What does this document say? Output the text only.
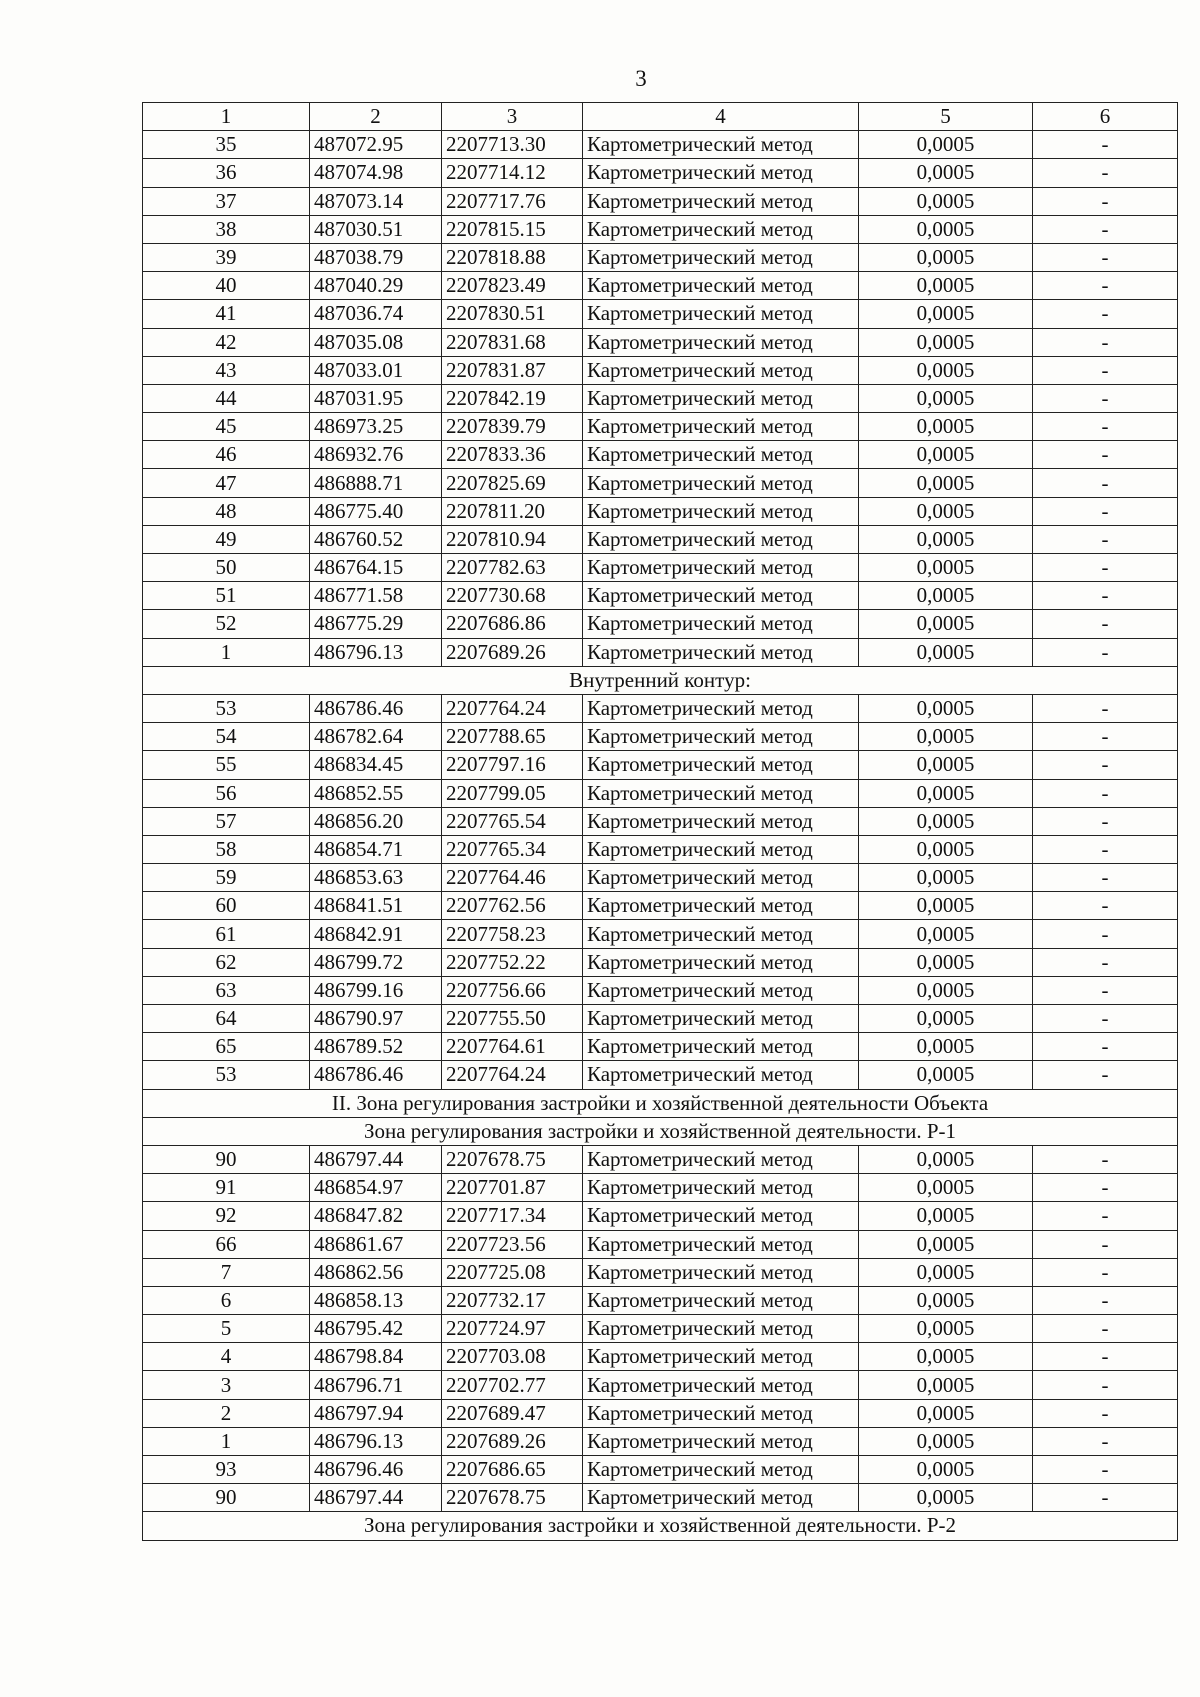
3
1	2	3	4	5	6
35	487072.95	2207713.30	Картометрический метод	0,0005	-
36	487074.98	2207714.12	Картометрический метод	0,0005	-
37	487073.14	2207717.76	Картометрический метод	0,0005	-
38	487030.51	2207815.15	Картометрический метод	0,0005	-
39	487038.79	2207818.88	Картометрический метод	0,0005	-
40	487040.29	2207823.49	Картометрический метод	0,0005	-
41	487036.74	2207830.51	Картометрический метод	0,0005	-
42	487035.08	2207831.68	Картометрический метод	0,0005	-
43	487033.01	2207831.87	Картометрический метод	0,0005	-
44	487031.95	2207842.19	Картометрический метод	0,0005	-
45	486973.25	2207839.79	Картометрический метод	0,0005	-
46	486932.76	2207833.36	Картометрический метод	0,0005	-
47	486888.71	2207825.69	Картометрический метод	0,0005	-
48	486775.40	2207811.20	Картометрический метод	0,0005	-
49	486760.52	2207810.94	Картометрический метод	0,0005	-
50	486764.15	2207782.63	Картометрический метод	0,0005	-
51	486771.58	2207730.68	Картометрический метод	0,0005	-
52	486775.29	2207686.86	Картометрический метод	0,0005	-
1	486796.13	2207689.26	Картометрический метод	0,0005	-
Внутренний контур:					
53	486786.46	2207764.24	Картометрический метод	0,0005	-
54	486782.64	2207788.65	Картометрический метод	0,0005	-
55	486834.45	2207797.16	Картометрический метод	0,0005	-
56	486852.55	2207799.05	Картометрический метод	0,0005	-
57	486856.20	2207765.54	Картометрический метод	0,0005	-
58	486854.71	2207765.34	Картометрический метод	0,0005	-
59	486853.63	2207764.46	Картометрический метод	0,0005	-
60	486841.51	2207762.56	Картометрический метод	0,0005	-
61	486842.91	2207758.23	Картометрический метод	0,0005	-
62	486799.72	2207752.22	Картометрический метод	0,0005	-
63	486799.16	2207756.66	Картометрический метод	0,0005	-
64	486790.97	2207755.50	Картометрический метод	0,0005	-
65	486789.52	2207764.61	Картометрический метод	0,0005	-
53	486786.46	2207764.24	Картометрический метод	0,0005	-
II. Зона регулирования застройки и хозяйственной деятельности Объекта					
Зона регулирования застройки и хозяйственной деятельности. Р-1					
90	486797.44	2207678.75	Картометрический метод	0,0005	-
91	486854.97	2207701.87	Картометрический метод	0,0005	-
92	486847.82	2207717.34	Картометрический метод	0,0005	-
66	486861.67	2207723.56	Картометрический метод	0,0005	-
7	486862.56	2207725.08	Картометрический метод	0,0005	-
6	486858.13	2207732.17	Картометрический метод	0,0005	-
5	486795.42	2207724.97	Картометрический метод	0,0005	-
4	486798.84	2207703.08	Картометрический метод	0,0005	-
3	486796.71	2207702.77	Картометрический метод	0,0005	-
2	486797.94	2207689.47	Картометрический метод	0,0005	-
1	486796.13	2207689.26	Картометрический метод	0,0005	-
93	486796.46	2207686.65	Картометрический метод	0,0005	-
90	486797.44	2207678.75	Картометрический метод	0,0005	-
Зона регулирования застройки и хозяйственной деятельности. Р-2					
